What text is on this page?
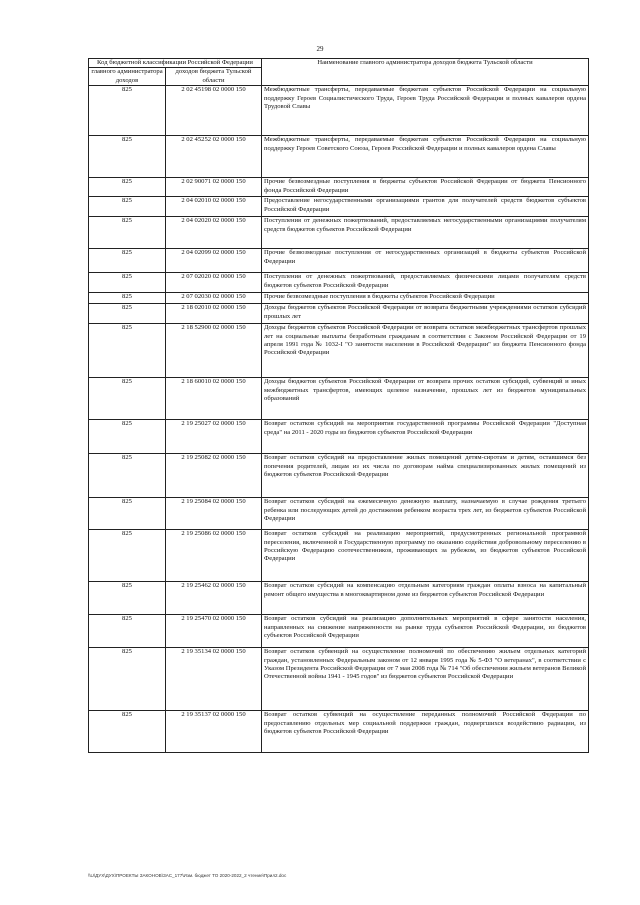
29
Код бюджетной классификации Российской Федерации		Наименование главного администратора доходов бюджета Тульской области
главного администратора доходов	доходов бюджета Тульской области	
825	2 02 45198 02 0000 150	Межбюджетные трансферты, передаваемые бюджетам субъектов Российской Федерации на социальную поддержку Героев Социалистического Труда, Героев Труда Российской Федерации и полных кавалеров ордена Трудовой Славы
825	2 02 45252 02 0000 150	Межбюджетные трансферты, передаваемые бюджетам субъектов Российской Федерации на социальную поддержку Героев Советского Союза, Героев Российской Федерации и полных кавалеров ордена Славы
825	2 02 90071 02 0000 150	Прочие безвозмездные поступления в бюджеты субъектов Российской Федерации от бюджета Пенсионного фонда Российской Федерации
825	2 04 02010 02 0000 150	Предоставление негосударственными организациями грантов для получателей средств бюджетов субъектов Российской Федерации
825	2 04 02020 02 0000 150	Поступления от денежных пожертвований, предоставляемых негосударственными организациями получателям средств бюджетов субъектов Российской Федерации
825	2 04 02099 02 0000 150	Прочие безвозмездные поступления от негосударственных организаций в бюджеты субъектов Российской Федерации
825	2 07 02020 02 0000 150	Поступления от денежных пожертвований, предоставляемых физическими лицами получателям средств бюджетов субъектов Российской Федерации
825	2 07 02030 02 0000 150	Прочие безвозмездные поступления в бюджеты субъектов Российской Федерации
825	2 18 02010 02 0000 150	Доходы бюджетов субъектов Российской Федерации от возврата бюджетными учреждениями остатков субсидий прошлых лет
825	2 18 52900 02 0000 150	Доходы бюджетов субъектов Российской Федерации от возврата остатков межбюджетных трансфертов прошлых лет на социальные выплаты безработным гражданам в соответствии с Законом Российской Федерации от 19 апреля 1991 года № 1032-I "О занятости населения в Российской Федерации" из бюджета Пенсионного фонда Российской Федерации
825	2 18 60010 02 0000 150	Доходы бюджетов субъектов Российской Федерации от возврата прочих остатков субсидий, субвенций и иных межбюджетных трансфертов, имеющих целевое назначение, прошлых лет из бюджетов муниципальных образований
825	2 19 25027 02 0000 150	Возврат остатков субсидий на мероприятия государственной программы Российской Федерации "Доступная среда" на 2011 - 2020 годы из бюджетов субъектов Российской Федерации
825	2 19 25082 02 0000 150	Возврат остатков субсидий на предоставление жилых помещений детям-сиротам и детям, оставшимся без попечения родителей, лицам из их числа по договорам найма специализированных жилых помещений из бюджетов субъектов Российской Федерации
825	2 19 25084 02 0000 150	Возврат остатков субсидий на ежемесячную денежную выплату, назначаемую в случае рождения третьего ребенка или последующих детей до достижения ребенком возраста трех лет, из бюджетов субъектов Российской Федерации
825	2 19 25086 02 0000 150	Возврат остатков субсидий на реализацию мероприятий, предусмотренных региональной программой переселения, включенной в Государственную программу по оказанию содействия добровольному переселению в Российскую Федерацию соотечественников, проживающих за рубежом, из бюджетов субъектов Российской Федерации
825	2 19 25462 02 0000 150	Возврат остатков субсидий на компенсацию отдельным категориям граждан оплаты взноса на капитальный ремонт общего имущества в многоквартирном доме из бюджетов субъектов Российской Федерации
825	2 19 25470 02 0000 150	Возврат остатков субсидий на реализацию дополнительных мероприятий в сфере занятости населения, направленных на снижение напряженности на рынке труда субъектов Российской Федерации, из бюджетов субъектов Российской Федерации
825	2 19 35134 02 0000 150	Возврат остатков субвенций на осуществление полномочий по обеспечению жильем отдельных категорий граждан, установленных Федеральным законом от 12 января 1995 года № 5-ФЗ "О ветеранах", в соответствии с Указом Президента Российской Федерации от 7 мая 2008 года № 714 "Об обеспечении жильем ветеранов Великой Отечественной войны 1941 - 1945 годов" из бюджетов субъектов Российской Федерации
825	2 19 35137 02 0000 150	Возврат остатков субвенций на осуществление переданных полномочий Российской Федерации по предоставлению отдельных мер социальной поддержки граждан, подвергшихся воздействию радиации, из бюджетов субъектов Российской Федерации
\\U\ДУХ\ДУХ\ПРОЕКТЫ ЗАКОНОВ\ЗАС_177\Изм. бюджет ТО 2020-2022_2 чтение\Прил2.doc
